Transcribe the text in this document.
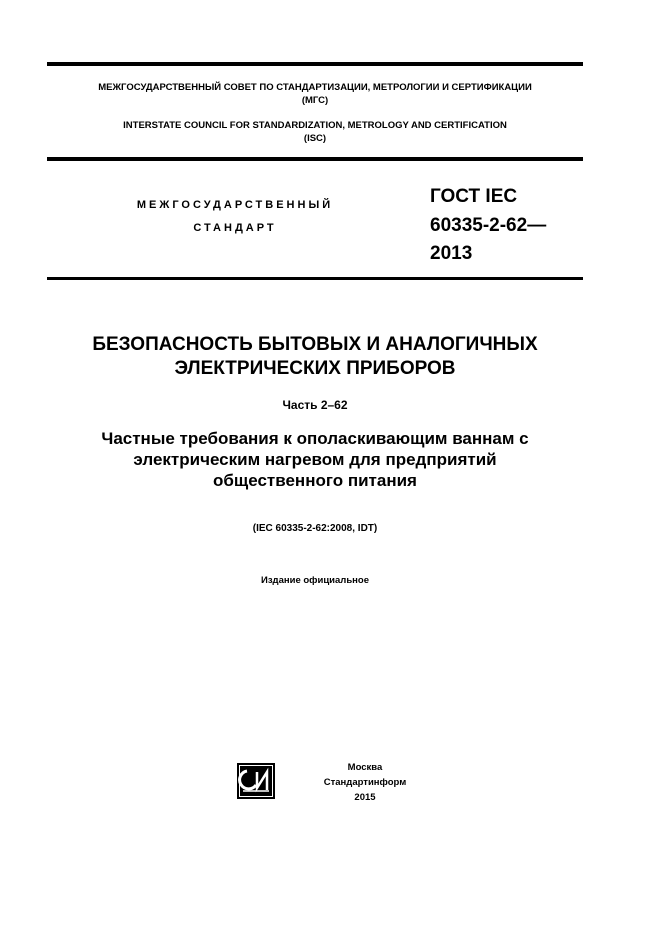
МЕЖГОСУДАРСТВЕННЫЙ СОВЕТ ПО СТАНДАРТИЗАЦИИ, МЕТРОЛОГИИ И СЕРТИФИКАЦИИ
(МГС)
INTERSTATE COUNCIL FOR STANDARDIZATION, METROLOGY AND CERTIFICATION
(ISC)
МЕЖГОСУДАРСТВЕННЫЙ
СТАНДАРТ
ГОСТ IEC
60335-2-62—
2013
БЕЗОПАСНОСТЬ БЫТОВЫХ И АНАЛОГИЧНЫХ
ЭЛЕКТРИЧЕСКИХ ПРИБОРОВ
Часть 2–62
Частные требования к ополаскивающим ваннам с
электрическим нагревом для предприятий
общественного питания
(IEC 60335-2-62:2008, IDT)
Издание официальное
Москва
Стандартинформ
2015
